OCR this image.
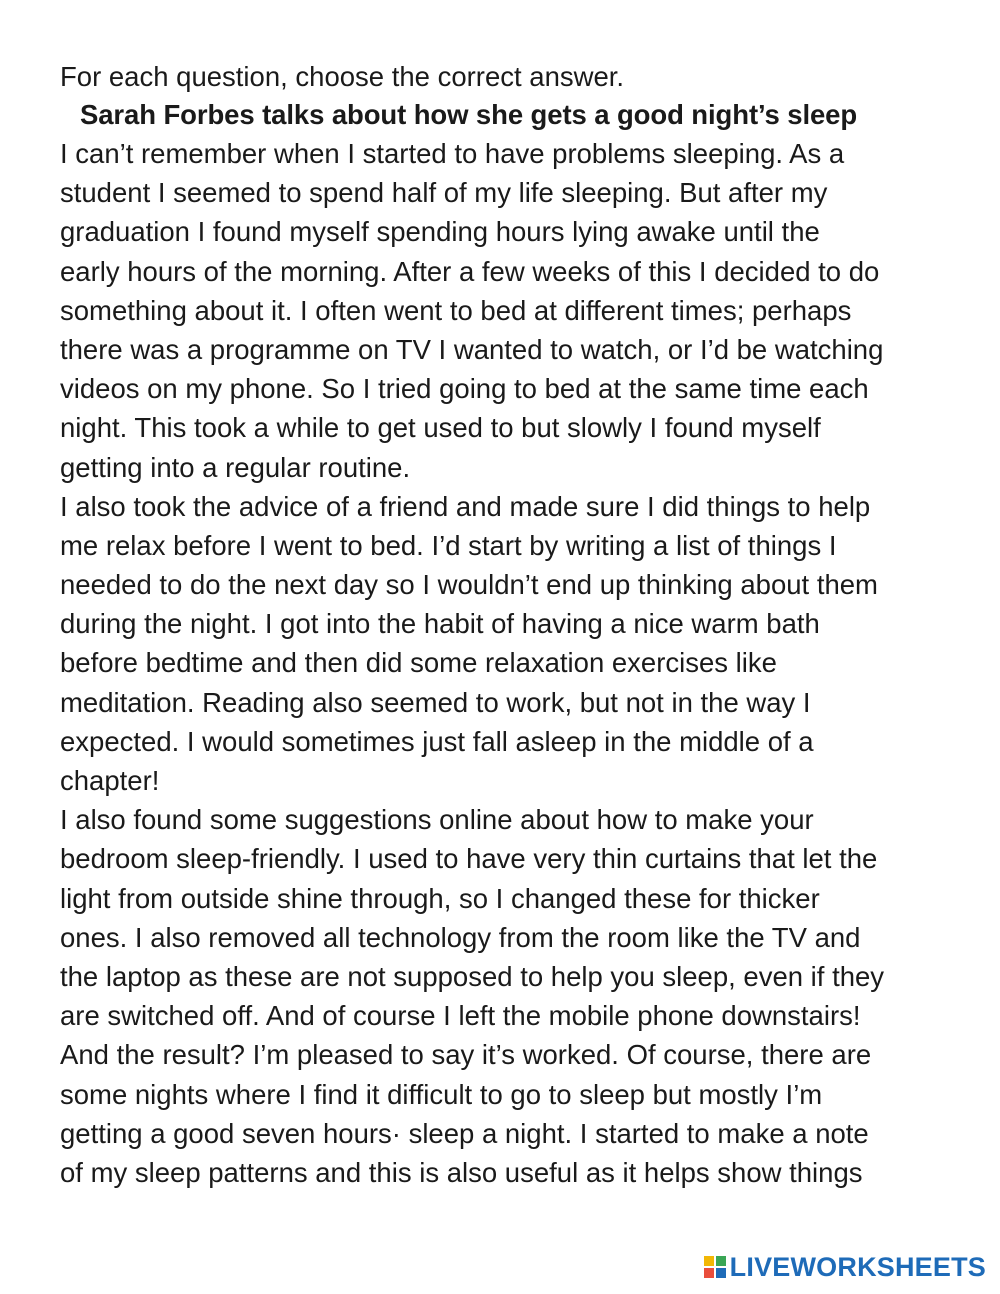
For each question, choose the correct answer.

Sarah Forbes talks about how she gets a good night’s sleep

I can’t remember when I started to have problems sleeping. As a

student I seemed to spend half of my life sleeping. But after my

graduation I found myself spending hours lying awake until the

early hours of the morning. After a few weeks of this I decided to do

something about it. I often went to bed at different times; perhaps

there was a programme on TV I wanted to watch, or I’d be watching

videos on my phone. So I tried going to bed at the same time each

night. This took a while to get used to but slowly I found myself

getting into a regular routine.

I also took the advice of a friend and made sure I did things to help

me relax before I went to bed. I’d start by writing a list of things I

needed to do the next day so I wouldn’t end up thinking about them

during the night. I got into the habit of having a nice warm bath

before bedtime and then did some relaxation exercises like

meditation. Reading also seemed to work, but not in the way I

expected. I would sometimes just fall asleep in the middle of a

chapter!

I also found some suggestions online about how to make your

bedroom sleep-friendly. I used to have very thin curtains that let the

light from outside shine through, so I changed these for thicker

ones. I also removed all technology from the room like the TV and

the laptop as these are not supposed to help you sleep, even if they

are switched off. And of course I left the mobile phone downstairs!

And the result? I’m pleased to say it’s worked. Of course, there are

some nights where I find it difficult to go to sleep but mostly I’m

getting a good seven hours· sleep a night. I started to make a note

of my sleep patterns and this is also useful as it helps show things

LIVEWORKSHEETS
